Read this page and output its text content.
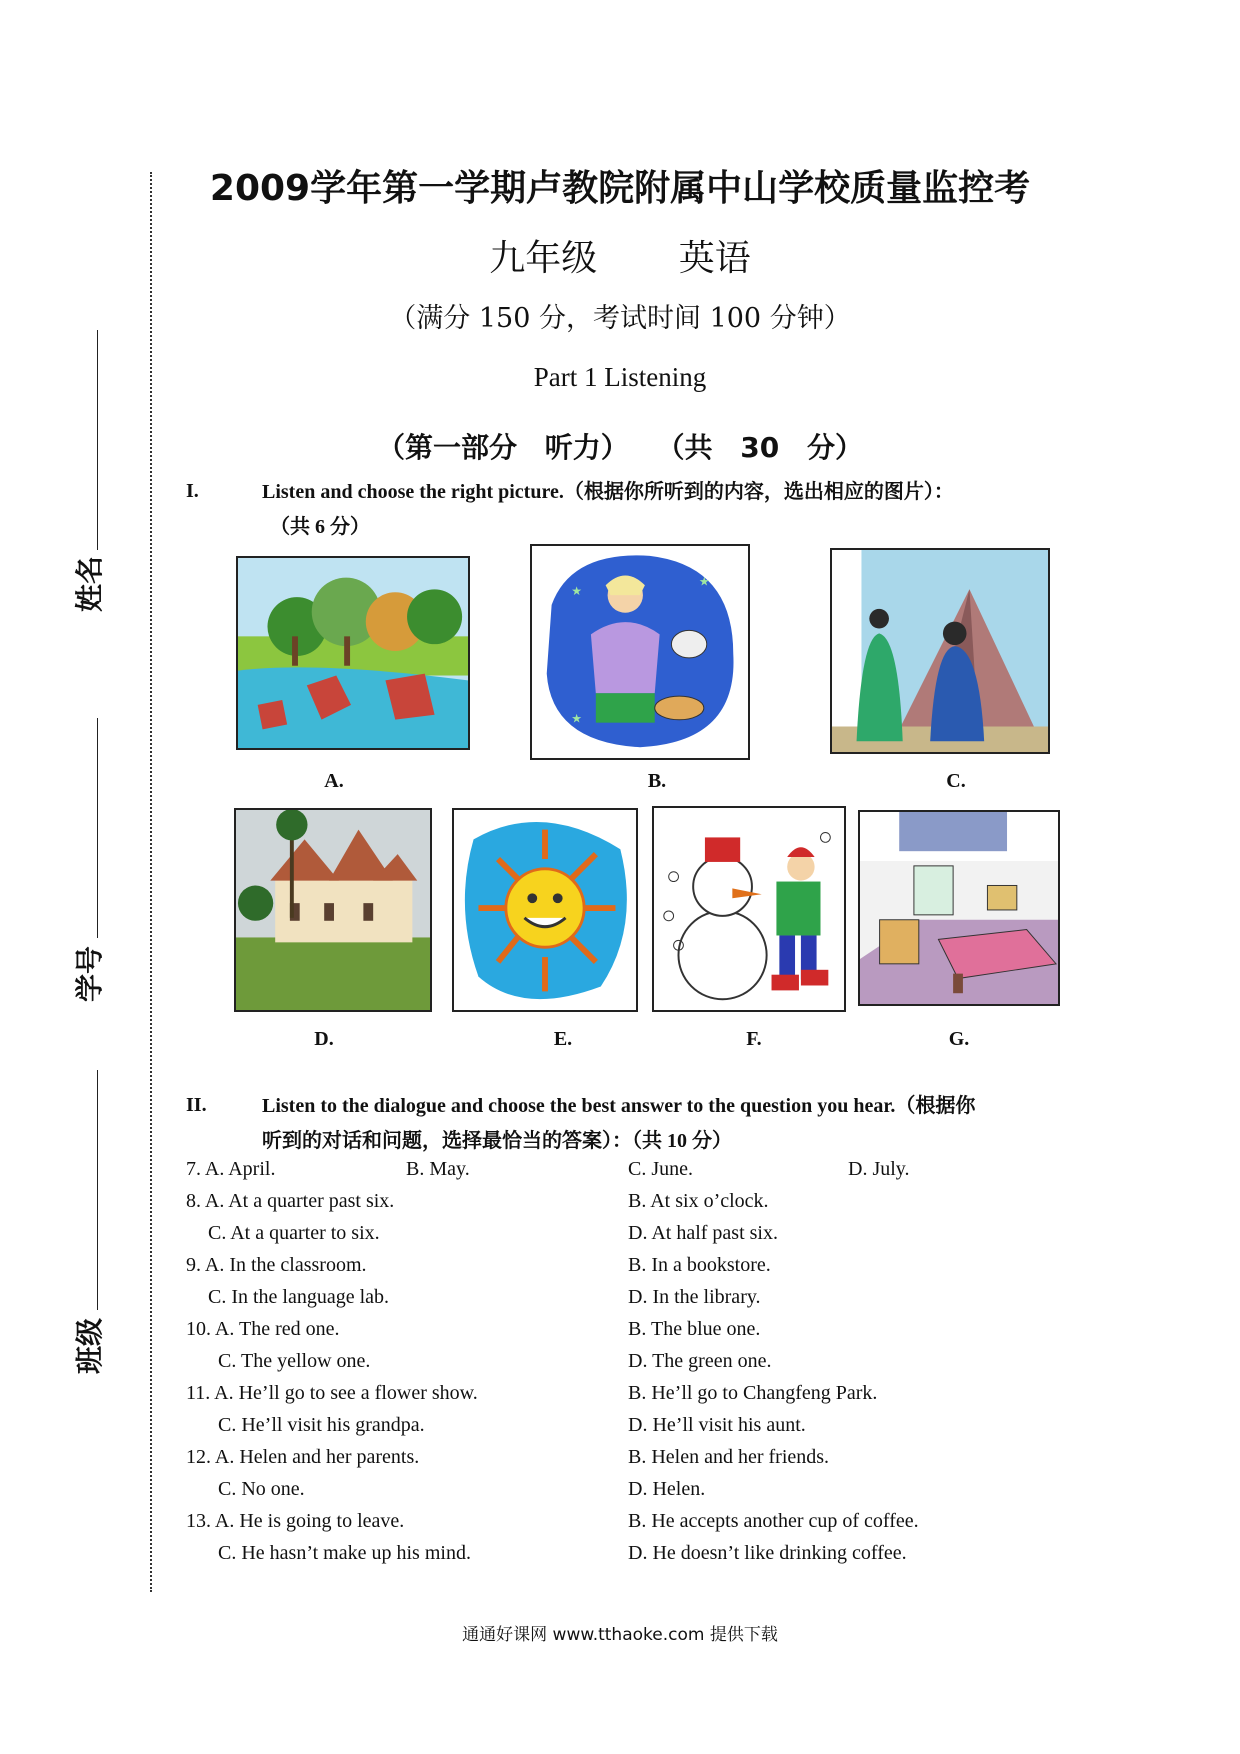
姓名
学号
班级
2009学年第一学期卢教院附属中山学校质量监控考
九年级 英语
（满分 150 分，考试时间 100 分钟）
Part 1 Listening
（第一部分 听力） （共 30 分）
I.	Listen and choose the right picture.（根据你所听到的内容，选出相应的图片）：
（共 6 分）
A.
★
★
★
B.	C.
D.	E.	F.	G.
II.	Listen to the dialogue and choose the best answer to the question you hear.（根据你
听到的对话和问题，选择最恰当的答案）：（共 10 分）
7. A. April.	B. May.	C. June.	D. July.
8. A. At a quarter past six.	B. At six o’clock.
C. At a quarter to six.	D. At half past six.
9. A. In the classroom.	B. In a bookstore.
C. In the language lab.	D. In the library.
10. A. The red one.	B. The blue one.
C. The yellow one.	D. The green one.
11. A. He’ll go to see a flower show.	B. He’ll go to Changfeng Park.
C. He’ll visit his grandpa.	D. He’ll visit his aunt.
12. A. Helen and her parents.	B. Helen and her friends.
C. No one.	D. Helen.
13. A. He is going to leave.	B. He accepts another cup of coffee.
C. He hasn’t make up his mind.	D. He doesn’t like drinking coffee.
通通好课网 www.tthaoke.com 提供下载
